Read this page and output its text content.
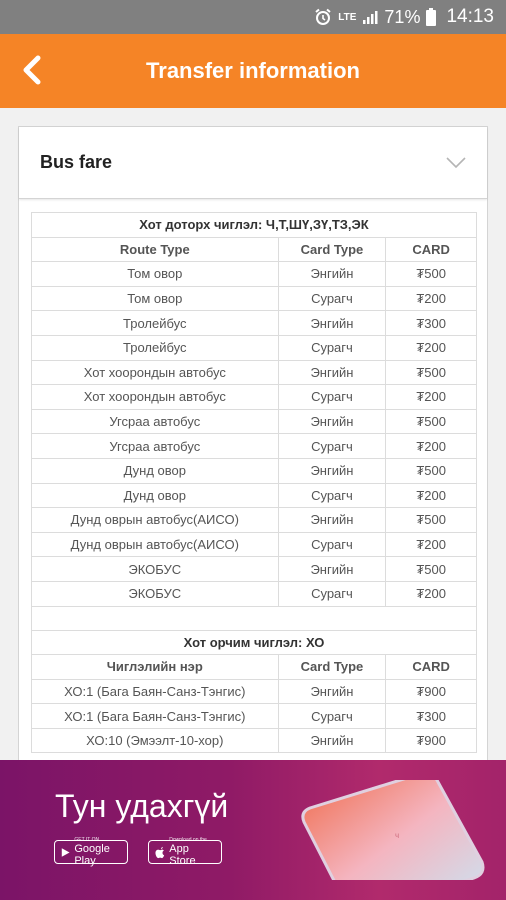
LTE 71% 14:13
Transfer information
Bus fare
Хот доторх чиглэл: Ч,Т,ШҮ,ЗҮ,ТЗ,ЭК		
Route Type	Card Type	CARD
Том овор	Энгийн	₮500
Том овор	Сурагч	₮200
Тролейбус	Энгийн	₮300
Тролейбус	Сурагч	₮200
Хот хоорондын автобус	Энгийн	₮500
Хот хоорондын автобус	Сурагч	₮200
Угсраа автобус	Энгийн	₮500
Угсраа автобус	Сурагч	₮200
Дунд овор	Энгийн	₮500
Дунд овор	Сурагч	₮200
Дунд оврын автобус(АИСО)	Энгийн	₮500
Дунд оврын автобус(АИСО)	Сурагч	₮200
ЭКОБУС	Энгийн	₮500
ЭКОБУС	Сурагч	₮200

Хот орчим чиглэл: ХО		
Чиглэлийн нэр	Card Type	CARD
ХО:1 (Бага Баян-Санз-Тэнгис)	Энгийн	₮900
ХО:1 (Бага Баян-Санз-Тэнгис)	Сурагч	₮300
ХО:10 (Эмээлт-10-хор)	Энгийн	₮900
Тун удахгүй
GET IT ON
Google Play
Download on the
App Store
ч
